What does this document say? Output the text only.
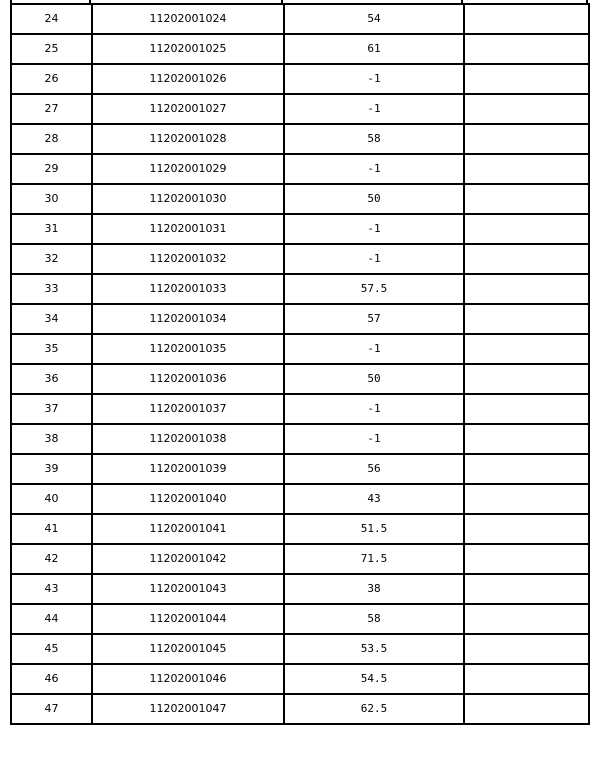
24	11202001024	54	
25	11202001025	61	
26	11202001026	-1	
27	11202001027	-1	
28	11202001028	58	
29	11202001029	-1	
30	11202001030	50	
31	11202001031	-1	
32	11202001032	-1	
33	11202001033	57.5	
34	11202001034	57	
35	11202001035	-1	
36	11202001036	50	
37	11202001037	-1	
38	11202001038	-1	
39	11202001039	56	
40	11202001040	43	
41	11202001041	51.5	
42	11202001042	71.5	
43	11202001043	38	
44	11202001044	58	
45	11202001045	53.5	
46	11202001046	54.5	
47	11202001047	62.5	
